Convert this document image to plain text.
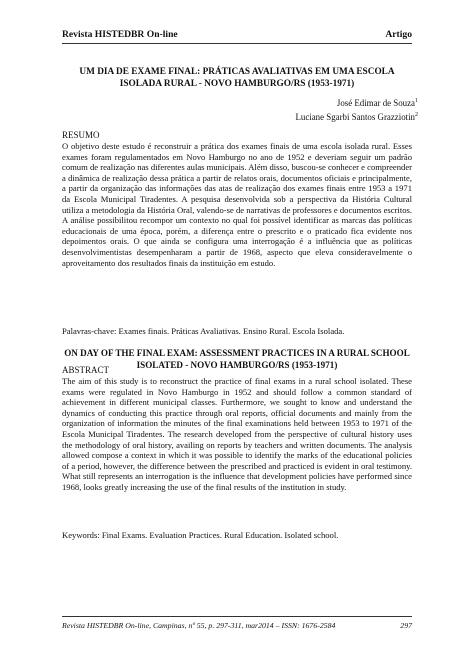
Revista HISTEDBR On-line	Artigo
UM DIA DE EXAME FINAL: PRÁTICAS AVALIATIVAS EM UMA ESCOLA ISOLADA RURAL - NOVO HAMBURGO/RS (1953-1971)
José Edimar de Souza$^1$
Luciane Sgarbi Santos Grazziotin$^2$
RESUMO
O objetivo deste estudo é reconstruir a prática dos exames finais de uma escola isolada rural. Esses exames foram regulamentados em Novo Hamburgo no ano de 1952 e deveriam seguir um padrão comum de realização nas diferentes aulas municipais. Além disso, buscou-se conhecer e compreender a dinâmica de realização dessa prática a partir de relatos orais, documentos oficiais e principalmente, a partir da organização das informações das atas de realização dos exames finais entre 1953 a 1971 da Escola Municipal Tiradentes. A pesquisa desenvolvida sob a perspectiva da História Cultural utiliza a metodologia da História Oral, valendo-se de narrativas de professores e documentos escritos. A análise possibilitou recompor um contexto no qual foi possível identificar as marcas das políticas educacionais de uma época, porém, a diferença entre o prescrito e o praticado fica evidente nos depoimentos orais. O que ainda se configura uma interrogação é a influência que as políticas desenvolvimentistas desempenharam a partir de 1968, aspecto que eleva consideravelmente o aproveitamento dos resultados finais da instituição em estudo.
Palavras-chave: Exames finais. Práticas Avaliativas. Ensino Rural. Escola Isolada.
ON DAY OF THE FINAL EXAM: ASSESSMENT PRACTICES IN A RURAL SCHOOL ISOLATED - NOVO HAMBURGO/RS (1953-1971)
ABSTRACT
The aim of this study is to reconstruct the practice of final exams in a rural school isolated. These exams were regulated in Novo Hamburgo in 1952 and should follow a common standard of achievement in different municipal classes. Furthermore, we sought to know and understand the dynamics of conducting this practice through oral reports, official documents and mainly from the organization of information the minutes of the final examinations held between 1953 to 1971 of the Escola Municipal Tiradentes. The research developed from the perspective of cultural history uses the methodology of oral history, availing on reports by teachers and written documents. The analysis allowed compose a context in which it was possible to identify the marks of the educational policies of a period, however, the difference between the prescribed and practiced is evident in oral testimony. What still represents an interrogation is the influence that development policies have performed since 1968, looks greatly increasing the use of the final results of the institution in study.
Keywords: Final Exams. Evaluation Practices. Rural Education. Isolated school.
Revista HISTEDBR On-line, Campinas, nº 55, p. 297-311, mar2014 – ISSN: 1676-2584	297
